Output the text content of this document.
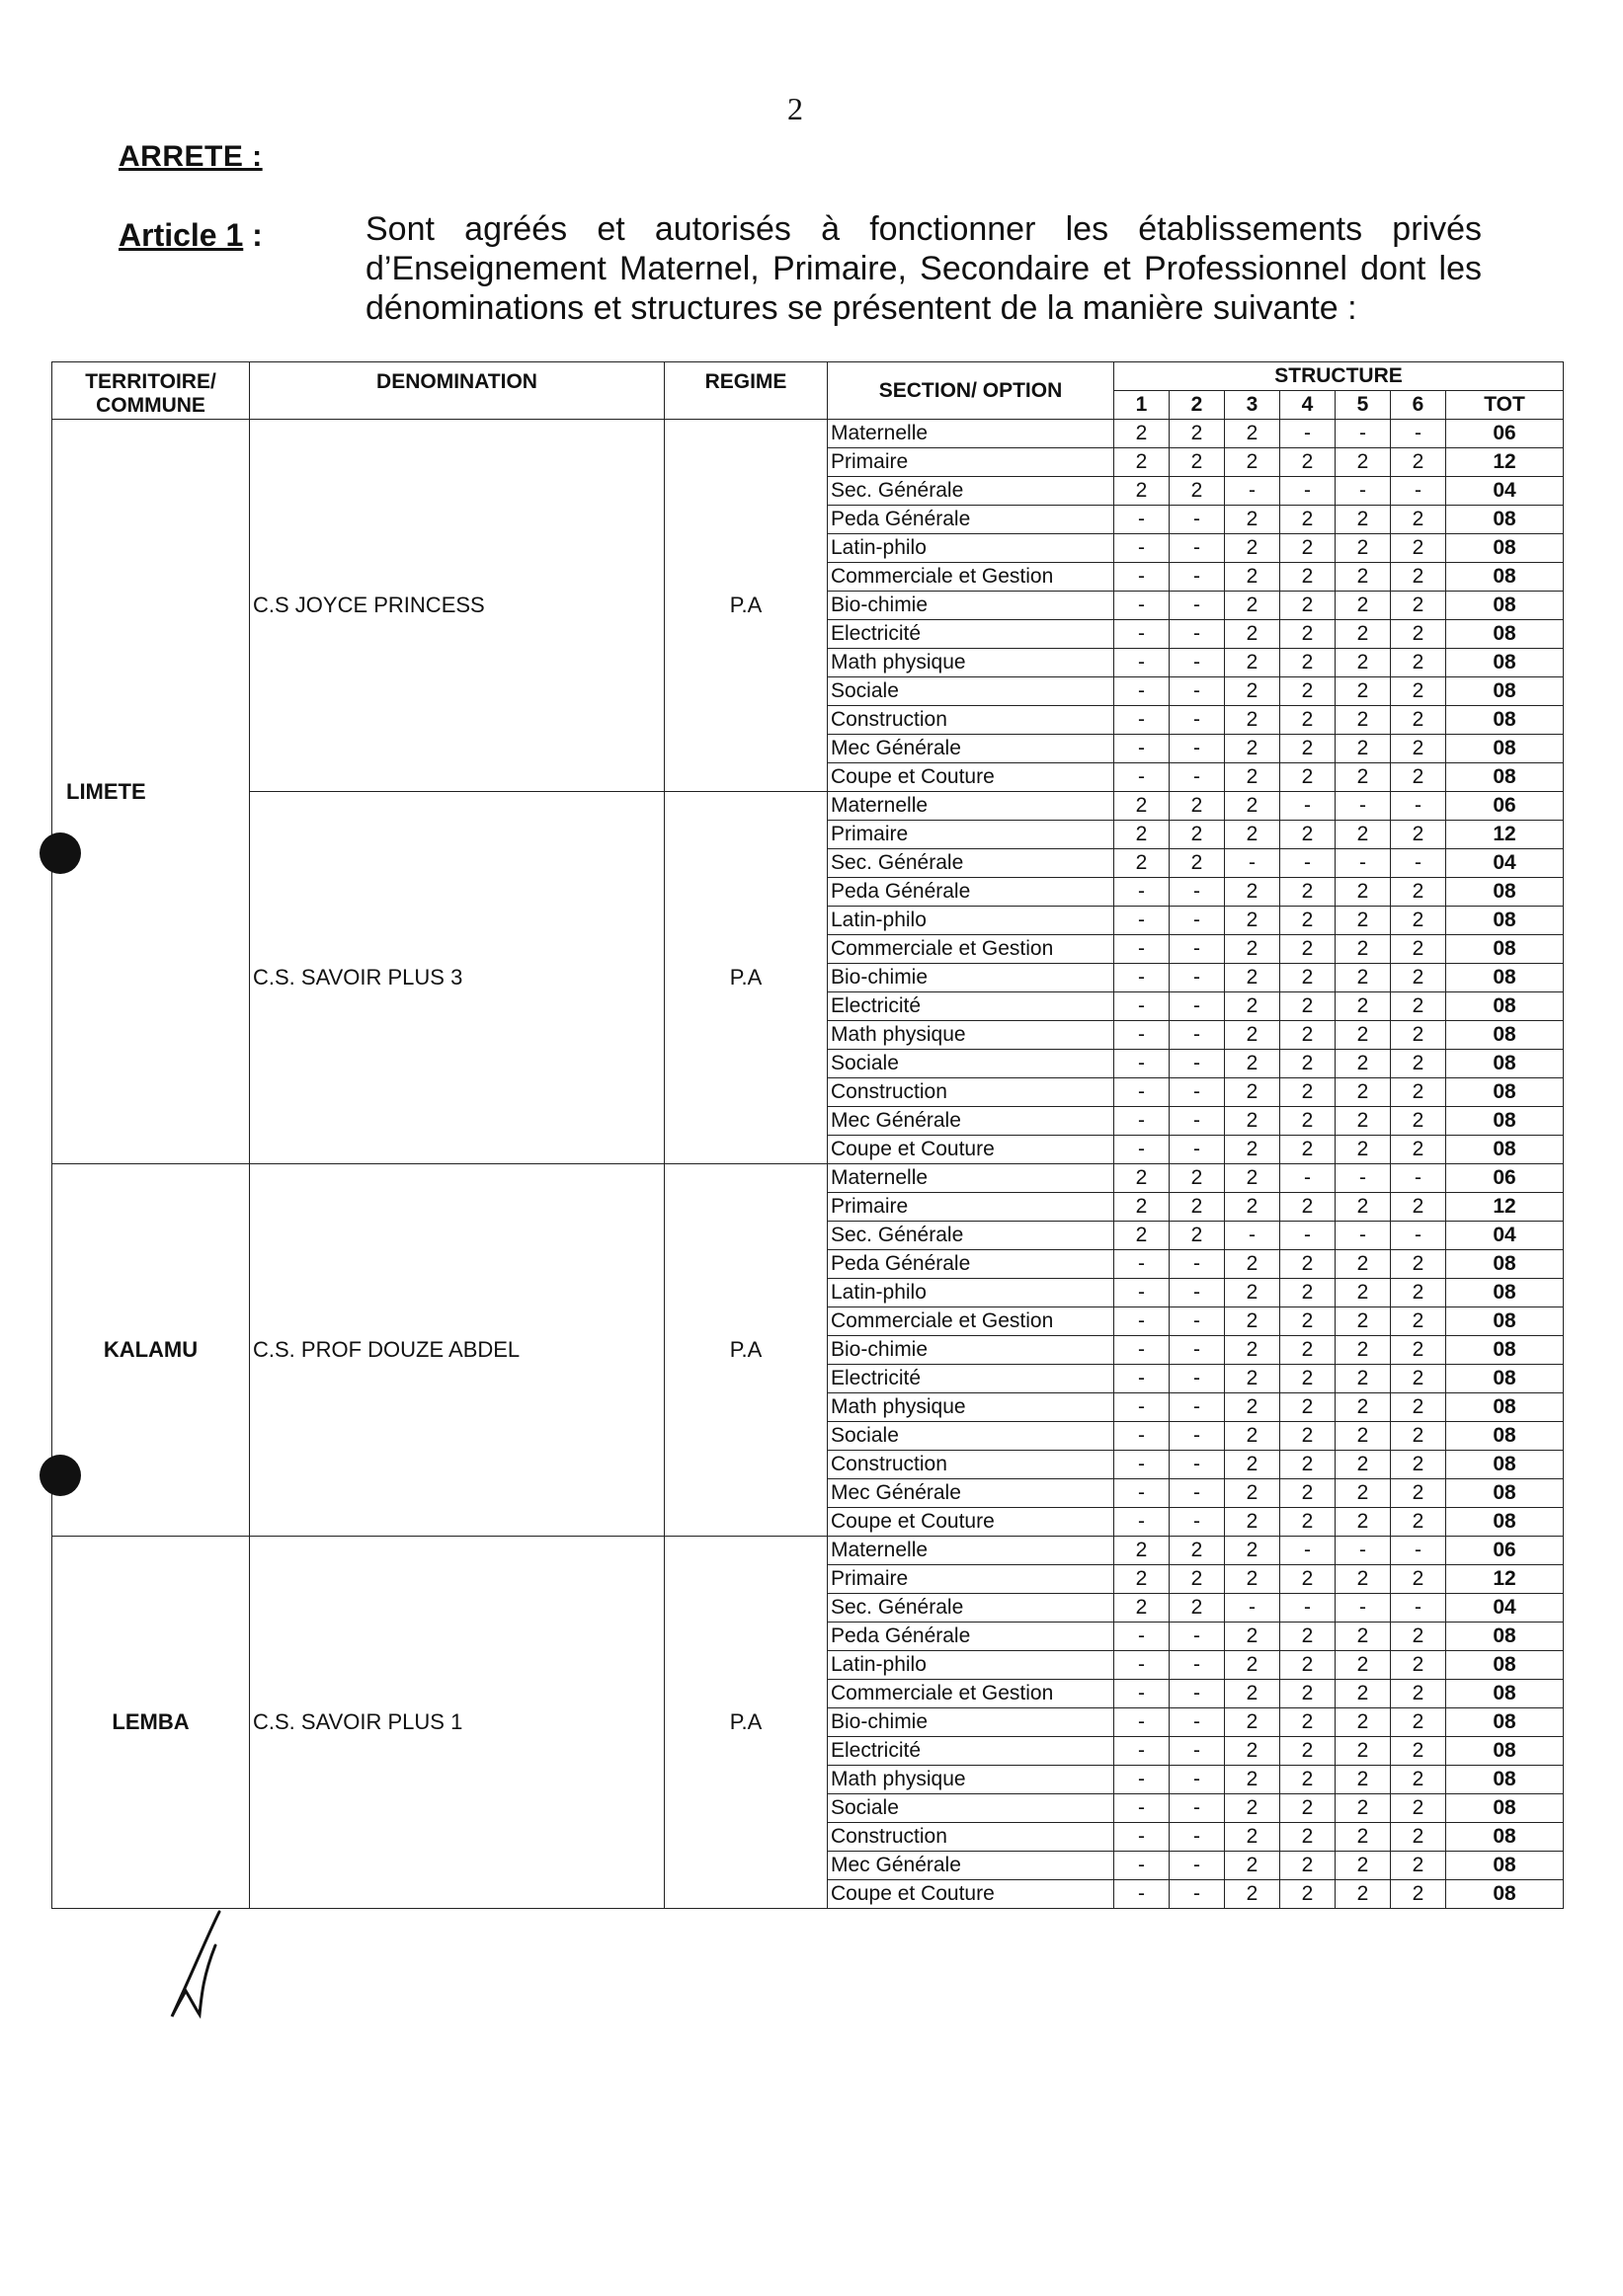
2
ARRETE :
Article 1 :	Sont agréés et autorisés à fonctionner les établissements privés d’Enseignement Maternel, Primaire, Secondaire et Professionnel dont les dénominations et structures se présentent de la manière suivante :
TERRITOIRE/ COMMUNE	DENOMINATION	REGIME	SECTION/ OPTION	STRUCTURE						
				1	2	3	4	5	6	TOT
LIMETE	C.S JOYCE PRINCESS	P.A	Maternelle	2	2	2	-	-	-	06
			Primaire	2	2	2	2	2	2	12
			Sec. Générale	2	2	-	-	-	-	04
			Peda Générale	-	-	2	2	2	2	08
			Latin-philo	-	-	2	2	2	2	08
			Commerciale et Gestion	-	-	2	2	2	2	08
			Bio-chimie	-	-	2	2	2	2	08
			Electricité	-	-	2	2	2	2	08
			Math physique	-	-	2	2	2	2	08
			Sociale	-	-	2	2	2	2	08
			Construction	-	-	2	2	2	2	08
			Mec Générale	-	-	2	2	2	2	08
			Coupe et Couture	-	-	2	2	2	2	08
	C.S. SAVOIR PLUS 3	P.A	Maternelle	2	2	2	-	-	-	06
			Primaire	2	2	2	2	2	2	12
			Sec. Générale	2	2	-	-	-	-	04
			Peda Générale	-	-	2	2	2	2	08
			Latin-philo	-	-	2	2	2	2	08
			Commerciale et Gestion	-	-	2	2	2	2	08
			Bio-chimie	-	-	2	2	2	2	08
			Electricité	-	-	2	2	2	2	08
			Math physique	-	-	2	2	2	2	08
			Sociale	-	-	2	2	2	2	08
			Construction	-	-	2	2	2	2	08
			Mec Générale	-	-	2	2	2	2	08
			Coupe et Couture	-	-	2	2	2	2	08
KALAMU	C.S. PROF DOUZE ABDEL	P.A	Maternelle	2	2	2	-	-	-	06
			Primaire	2	2	2	2	2	2	12
			Sec. Générale	2	2	-	-	-	-	04
			Peda Générale	-	-	2	2	2	2	08
			Latin-philo	-	-	2	2	2	2	08
			Commerciale et Gestion	-	-	2	2	2	2	08
			Bio-chimie	-	-	2	2	2	2	08
			Electricité	-	-	2	2	2	2	08
			Math physique	-	-	2	2	2	2	08
			Sociale	-	-	2	2	2	2	08
			Construction	-	-	2	2	2	2	08
			Mec Générale	-	-	2	2	2	2	08
			Coupe et Couture	-	-	2	2	2	2	08
LEMBA	C.S. SAVOIR PLUS 1	P.A	Maternelle	2	2	2	-	-	-	06
			Primaire	2	2	2	2	2	2	12
			Sec. Générale	2	2	-	-	-	-	04
			Peda Générale	-	-	2	2	2	2	08
			Latin-philo	-	-	2	2	2	2	08
			Commerciale et Gestion	-	-	2	2	2	2	08
			Bio-chimie	-	-	2	2	2	2	08
			Electricité	-	-	2	2	2	2	08
			Math physique	-	-	2	2	2	2	08
			Sociale	-	-	2	2	2	2	08
			Construction	-	-	2	2	2	2	08
			Mec Générale	-	-	2	2	2	2	08
			Coupe et Couture	-	-	2	2	2	2	08
